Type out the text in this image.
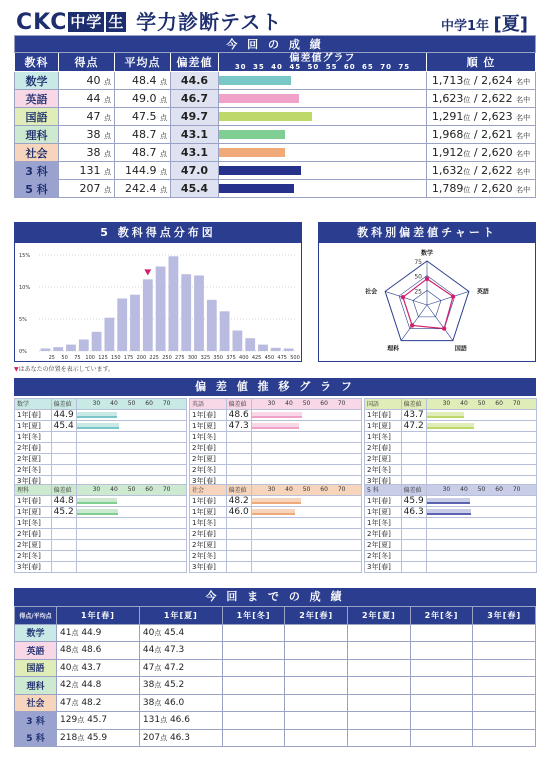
CKC 中学 生 学力診断テスト	中学1年 [夏]
今 回 の 成 績					
教科	得点	平均点	偏差値	偏差値グラフ
30 35 40 45 50 55 60 65 70 75	順 位
数学	40 点	48.4 点	44.6		1,713位 / 2,624 名中
英語	44 点	49.0 点	46.7		1,623位 / 2,622 名中
国語	47 点	47.5 点	49.7		1,291位 / 2,623 名中
理科	38 点	48.7 点	43.1		1,968位 / 2,621 名中
社会	38 点	48.7 点	43.1		1,912位 / 2,620 名中
3 科	131 点	144.9 点	47.0		1,632位 / 2,622 名中
5 科	207 点	242.4 点	45.4		1,789位 / 2,620 名中
5 教科得点分布図
15%
10%
5%
0%
25 50 75 100 125 150 175 200 225 250 275 300 325 350 375 400 425 450 475 500
▼はあなたの位置を表示しています。
教科別偏差値チャート
75
50
25
数学
英語
国語
理科
社会
偏 差 値 推 移 グ ラ フ
数学	偏差値	30 40 50 60 70
1年[春]	44.9	

1年[夏]	45.4	

1年[冬]		
2年[春]		
2年[夏]		
2年[冬]		
3年[春]		
英語	偏差値	30 40 50 60 70
1年[春]	48.6	

1年[夏]	47.3	

1年[冬]		
2年[春]		
2年[夏]		
2年[冬]		
3年[春]		
国語	偏差値	30 40 50 60 70
1年[春]	43.7	

1年[夏]	47.2	

1年[冬]		
2年[春]		
2年[夏]		
2年[冬]		
3年[春]		
理科	偏差値	30 40 50 60 70
1年[春]	44.8	

1年[夏]	45.2	

1年[冬]		
2年[春]		
2年[夏]		
2年[冬]		
3年[春]		
社会	偏差値	30 40 50 60 70
1年[春]	48.2	

1年[夏]	46.0	

1年[冬]		
2年[春]		
2年[夏]		
2年[冬]		
3年[春]		
5 科	偏差値	30 40 50 60 70
1年[春]	45.9	

1年[夏]	46.3	

1年[冬]		
2年[春]		
2年[夏]		
2年[冬]		
3年[春]		
今 回 ま で の 成 績
得点/平均点	1年[春]	1年[夏]	1年[冬]	2年[春]	2年[夏]	2年[冬]	3年[春]
数学	41点 44.9	40点 45.4					
英語	48点 48.6	44点 47.3					
国語	40点 43.7	47点 47.2					
理科	42点 44.8	38点 45.2					
社会	47点 48.2	38点 46.0					
3 科	129点 45.7	131点 46.6					
5 科	218点 45.9	207点 46.3					
